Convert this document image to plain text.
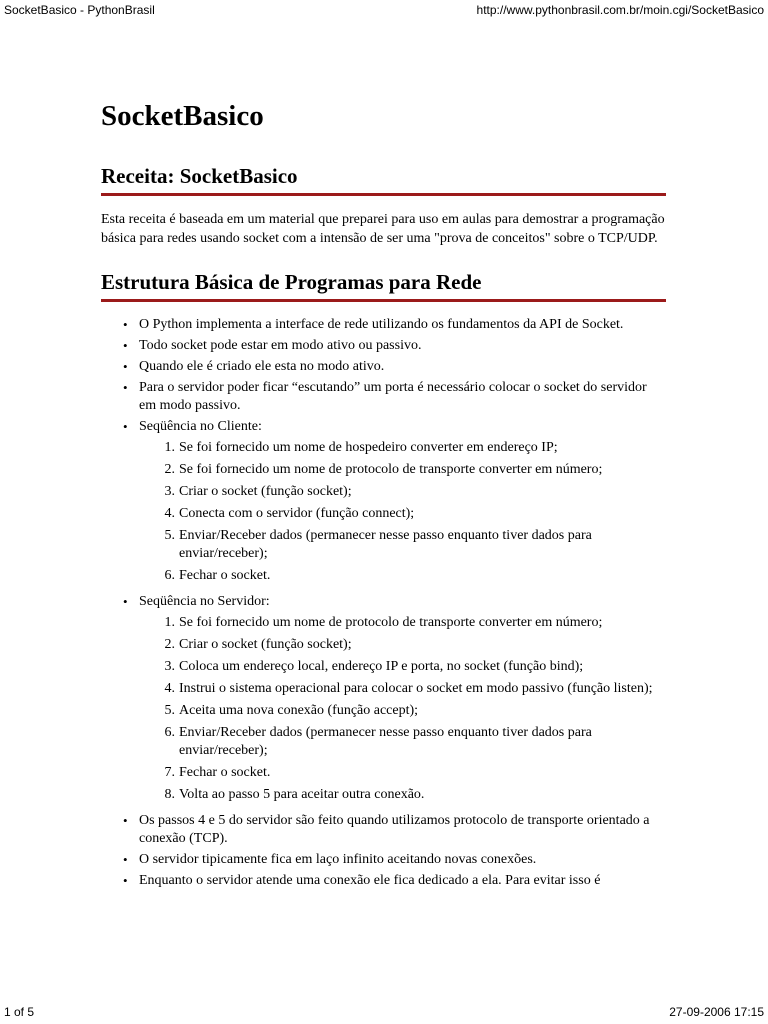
SocketBasico - PythonBrasil	http://www.pythonbrasil.com.br/moin.cgi/SocketBasico
SocketBasico
Receita: SocketBasico

Esta receita é baseada em um material que preparei para uso em aulas para demostrar a programação básica para redes usando socket com a intensão de ser uma "prova de conceitos" sobre o TCP/UDP.

Estrutura Básica de Programas para Rede
• O Python implementa a interface de rede utilizando os fundamentos da API de Socket.
• Todo socket pode estar em modo ativo ou passivo.
• Quando ele é criado ele esta no modo ativo.
• Para o servidor poder ficar “escutando” um porta é necessário colocar o socket do servidor em modo passivo.
• Seqüência no Cliente:
1. Se foi fornecido um nome de hospedeiro converter em endereço IP;
2. Se foi fornecido um nome de protocolo de transporte converter em número;
3. Criar o socket (função socket);
4. Conecta com o servidor (função connect);
5. Enviar/Receber dados (permanecer nesse passo enquanto tiver dados para enviar/receber);
6. Fechar o socket.
• Seqüência no Servidor:
1. Se foi fornecido um nome de protocolo de transporte converter em número;
2. Criar o socket (função socket);
3. Coloca um endereço local, endereço IP e porta, no socket (função bind);
4. Instrui o sistema operacional para colocar o socket em modo passivo (função listen);
5. Aceita uma nova conexão (função accept);
6. Enviar/Receber dados (permanecer nesse passo enquanto tiver dados para enviar/receber);
7. Fechar o socket.
8. Volta ao passo 5 para aceitar outra conexão.
• Os passos 4 e 5 do servidor são feito quando utilizamos protocolo de transporte orientado a conexão (TCP).
• O servidor tipicamente fica em laço infinito aceitando novas conexões.
• Enquanto o servidor atende uma conexão ele fica dedicado a ela. Para evitar isso é
1 of 5	27-09-2006 17:15
